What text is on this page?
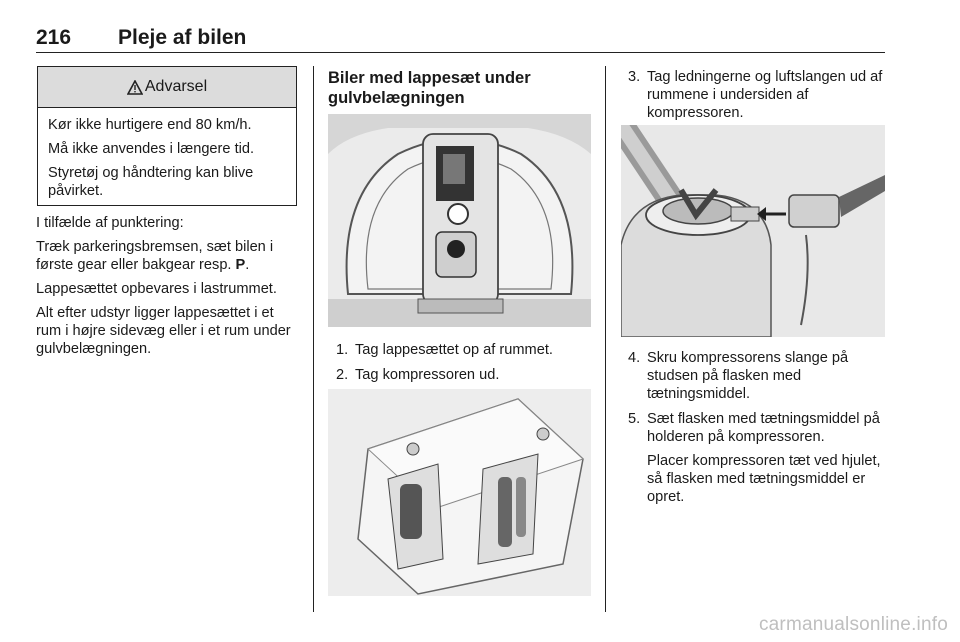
216 Pleje af bilen
Advarsel

Kør ikke hurtigere end 80 km/h.

Må ikke anvendes i længere tid.

Styretøj og håndtering kan blive påvirket.

I tilfælde af punktering:

Træk parkeringsbremsen, sæt bilen i første gear eller bakgear resp. P.

Lappesættet opbevares i lastrummet.

Alt efter udstyr ligger lappesættet i et rum i højre sidevæg eller i et rum under gulvbelægningen.

Biler med lappesæt under gulvbelægningen
1. Tag lappesættet op af rummet.
2. Tag kompressoren ud.
3. Tag ledningerne og luftslangen ud af rummene i undersiden af kompressoren.
4. Skru kompressorens slange på studsen på flasken med tætningsmiddel.
5. Sæt flasken med tætningsmiddel på holderen på kompressoren.
Placer kompressoren tæt ved hjulet, så flasken med tætningsmiddel er opret.
carmanualsonline.info
